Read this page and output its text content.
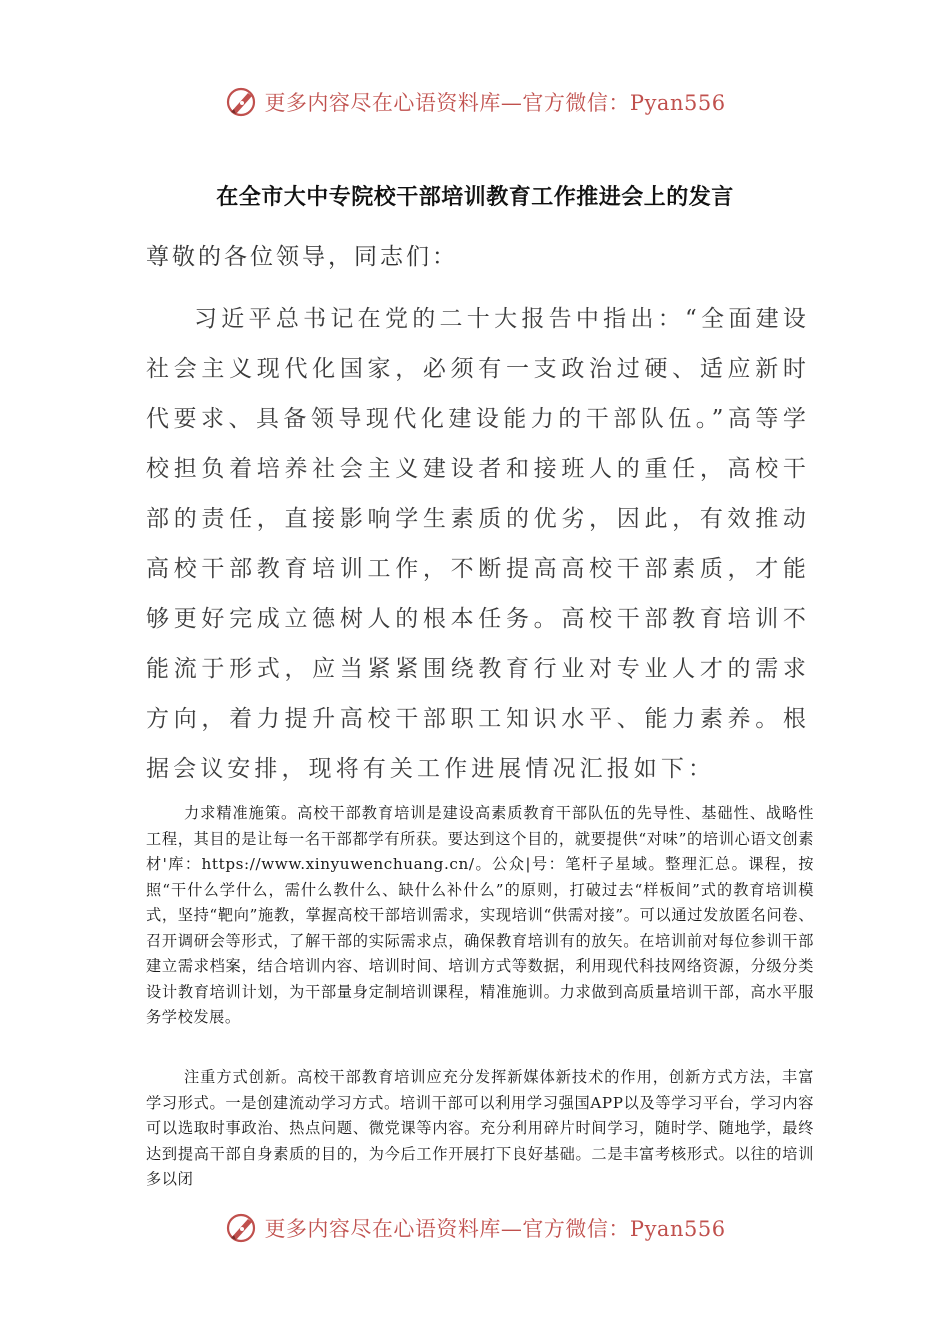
更多内容尽在心语资料库—官方微信：Pyan556
在全市大中专院校干部培训教育工作推进会上的发言

尊敬的各位领导，同志们：

习近平总书记在党的二十大报告中指出：“全面建设社会主义现代化国家，必须有一支政治过硬、适应新时代要求、具备领导现代化建设能力的干部队伍。”高等学校担负着培养社会主义建设者和接班人的重任，高校干部的责任，直接影响学生素质的优劣，因此，有效推动高校干部教育培训工作，不断提高高校干部素质，才能够更好完成立德树人的根本任务。高校干部教育培训不能流于形式，应当紧紧围绕教育行业对专业人才的需求方向，着力提升高校干部职工知识水平、能力素养。根据会议安排，现将有关工作进展情况汇报如下：

力求精准施策。高校干部教育培训是建设高素质教育干部队伍的先导性、基础性、战略性工程，其目的是让每一名干部都学有所获。要达到这个目的，就要提供“对味”的培训心语文创素材'库：https://www.xinyuwenchuang.cn/。公众|号：笔杆子星域。整理汇总。课程，按照“干什么学什么，需什么教什么、缺什么补什么”的原则，打破过去“样板间”式的教育培训模式，坚持“靶向”施教，掌握高校干部培训需求，实现培训“供需对接”。可以通过发放匿名问卷、召开调研会等形式，了解干部的实际需求点，确保教育培训有的放矢。在培训前对每位参训干部建立需求档案，结合培训内容、培训时间、培训方式等数据，利用现代科技网络资源，分级分类设计教育培训计划，为干部量身定制培训课程，精准施训。力求做到高质量培训干部，高水平服务学校发展。

注重方式创新。高校干部教育培训应充分发挥新媒体新技术的作用，创新方式方法，丰富学习形式。一是创建流动学习方式。培训干部可以利用学习强国APP以及等学习平台，学习内容可以选取时事政治、热点问题、微党课等内容。充分利用碎片时间学习，随时学、随地学，最终达到提高干部自身素质的目的，为今后工作开展打下良好基础。二是丰富考核形式。以往的培训多以闭

更多内容尽在心语资料库—官方微信：Pyan556
